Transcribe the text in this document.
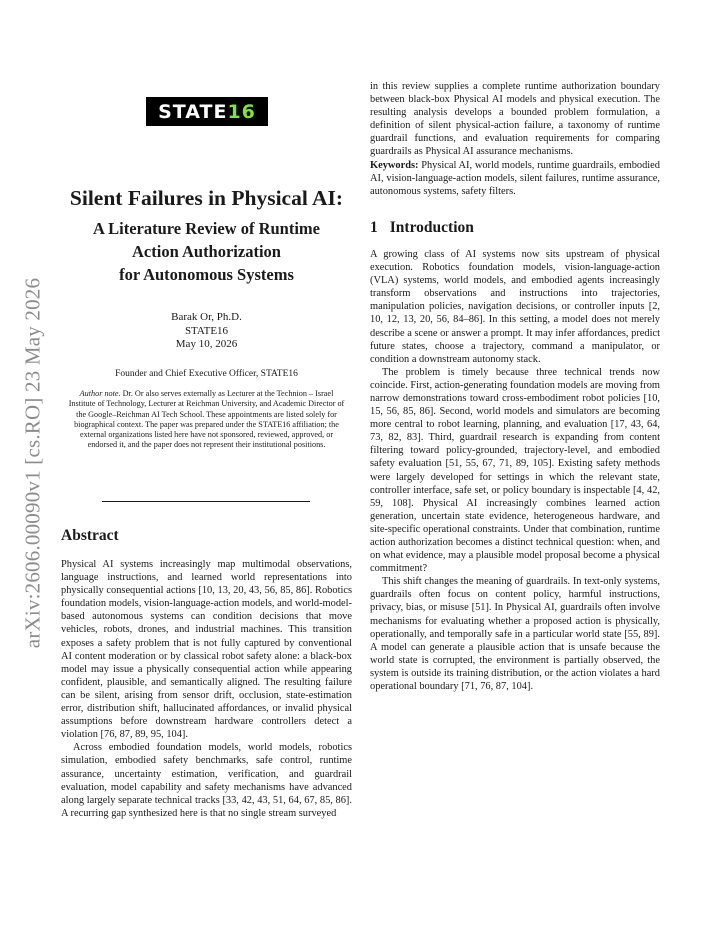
arXiv:2606.00090v1 [cs.RO] 23 May 2026
STATE 16
Silent Failures in Physical AI:
A Literature Review of Runtime
Action Authorization
for Autonomous Systems
Barak Or, Ph.D.
STATE16
May 10, 2026
Founder and Chief Executive Officer, STATE16
Author note. Dr. Or also serves externally as Lecturer at the Technion – Israel Institute of Technology, Lecturer at Reichman University, and Academic Director of the Google–Reichman AI Tech School. These appointments are listed solely for biographical context. The paper was prepared under the STATE16 affiliation; the external organizations listed here have not sponsored, reviewed, approved, or endorsed it, and the paper does not represent their institutional positions.
Abstract

Physical AI systems increasingly map multimodal observations, language instructions, and learned world representations into physically consequential actions [10, 13, 20, 43, 56, 85, 86]. Robotics foundation models, vision-language-action models, and world-model-based autonomous systems can condition decisions that move vehicles, robots, drones, and industrial machines. This transition exposes a safety problem that is not fully captured by conventional AI content moderation or by classical robot safety alone: a black-box model may issue a physically consequential action while appearing confident, plausible, and semantically aligned. The resulting failure can be silent, arising from sensor drift, occlusion, state-estimation error, distribution shift, hallucinated affordances, or invalid physical assumptions before downstream hardware controllers detect a violation [76, 87, 89, 95, 104].

Across embodied foundation models, world models, robotics simulation, embodied safety benchmarks, safe control, runtime assurance, uncertainty estimation, verification, and guardrail evaluation, model capability and safety mechanisms have advanced along largely separate technical tracks [33, 42, 43, 51, 64, 67, 85, 86]. A recurring gap synthesized here is that no single stream surveyed

in this review supplies a complete runtime authorization boundary between black-box Physical AI models and physical execution. The resulting analysis develops a bounded problem formulation, a definition of silent physical-action failure, a taxonomy of runtime guardrail functions, and evaluation requirements for comparing guardrails as Physical AI assurance mechanisms.

Keywords: Physical AI, world models, runtime guardrails, embodied AI, vision-language-action models, silent failures, runtime assurance, autonomous systems, safety filters.

1 Introduction

A growing class of AI systems now sits upstream of physical execution. Robotics foundation models, vision-language-action (VLA) systems, world models, and embodied agents increasingly transform observations and instructions into trajectories, manipulation policies, navigation decisions, or controller inputs [2, 10, 12, 13, 20, 56, 84–86]. In this setting, a model does not merely describe a scene or answer a prompt. It may infer affordances, predict future states, choose a trajectory, command a manipulator, or condition a downstream autonomy stack.

The problem is timely because three technical trends now coincide. First, action-generating foundation models are moving from narrow demonstrations toward cross-embodiment robot policies [10, 15, 56, 85, 86]. Second, world models and simulators are becoming more central to robot learning, planning, and evaluation [17, 43, 64, 73, 82, 83]. Third, guardrail research is expanding from content filtering toward policy-grounded, trajectory-level, and embodied safety evaluation [51, 55, 67, 71, 89, 105]. Existing safety methods were largely developed for settings in which the relevant state, controller interface, safe set, or policy boundary is inspectable [4, 42, 59, 108]. Physical AI increasingly combines learned action generation, uncertain state evidence, heterogeneous hardware, and site-specific operational constraints. Under that combination, runtime action authorization becomes a distinct technical question: when, and on what evidence, may a plausible model proposal become a physical commitment?

This shift changes the meaning of guardrails. In text-only systems, guardrails often focus on content policy, harmful instructions, privacy, bias, or misuse [51]. In Physical AI, guardrails often involve mechanisms for evaluating whether a proposed action is physically, operationally, and temporally safe in a particular world state [55, 89]. A model can generate a plausible action that is unsafe because the world state is corrupted, the environment is partially observed, the system is outside its training distribution, or the action violates a hard operational boundary [71, 76, 87, 104].
